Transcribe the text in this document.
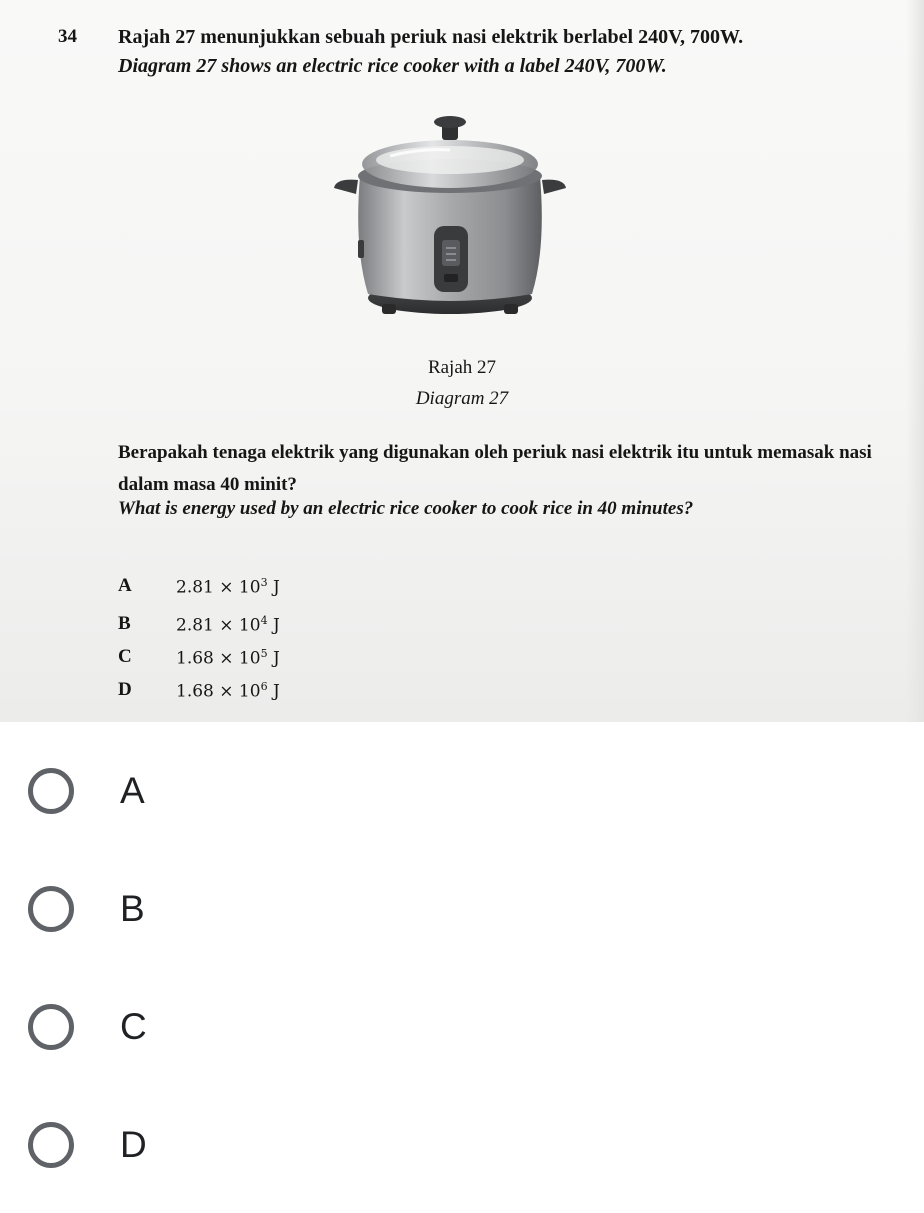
34 Rajah 27 menunjukkan sebuah periuk nasi elektrik berlabel 240V, 700W.
Diagram 27 shows an electric rice cooker with a label 240V, 700W.
Rajah 27
Diagram 27
Berapakah tenaga elektrik yang digunakan oleh periuk nasi elektrik itu untuk memasak nasi dalam masa 40 minit?
What is energy used by an electric rice cooker to cook rice in 40 minutes?
A	$2.81 \times 10^3$ J
B	$2.81 \times 10^4$ J
C	$1.68 \times 10^5$ J
D	$1.68 \times 10^6$ J
A
B
C
D
